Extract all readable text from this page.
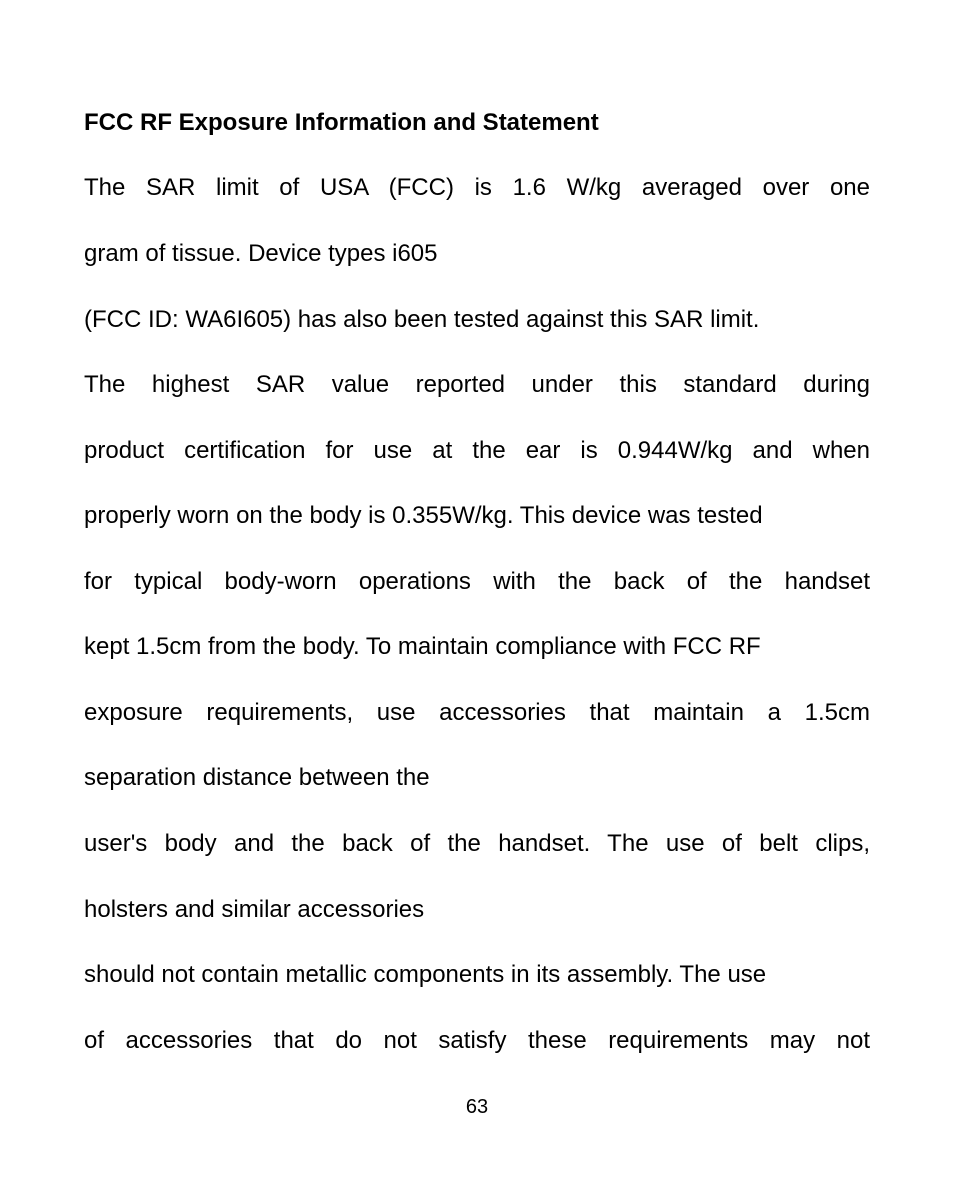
FCC RF Exposure Information and Statement
The SAR limit of USA (FCC) is 1.6 W/kg averaged over one
gram of tissue. Device types i605
(FCC ID: WA6I605) has also been tested against this SAR limit.
The highest SAR value reported under this standard during
product certification for use at the ear is 0.944W/kg and when
properly worn on the body is 0.355W/kg. This device was tested
for typical body-worn operations with the back of the handset
kept 1.5cm from the body. To maintain compliance with FCC RF
exposure requirements, use accessories that maintain a 1.5cm
separation distance between the
user's body and the back of the handset. The use of belt clips,
holsters and similar accessories
should not contain metallic components in its assembly. The use
of accessories that do not satisfy these requirements may not
63
